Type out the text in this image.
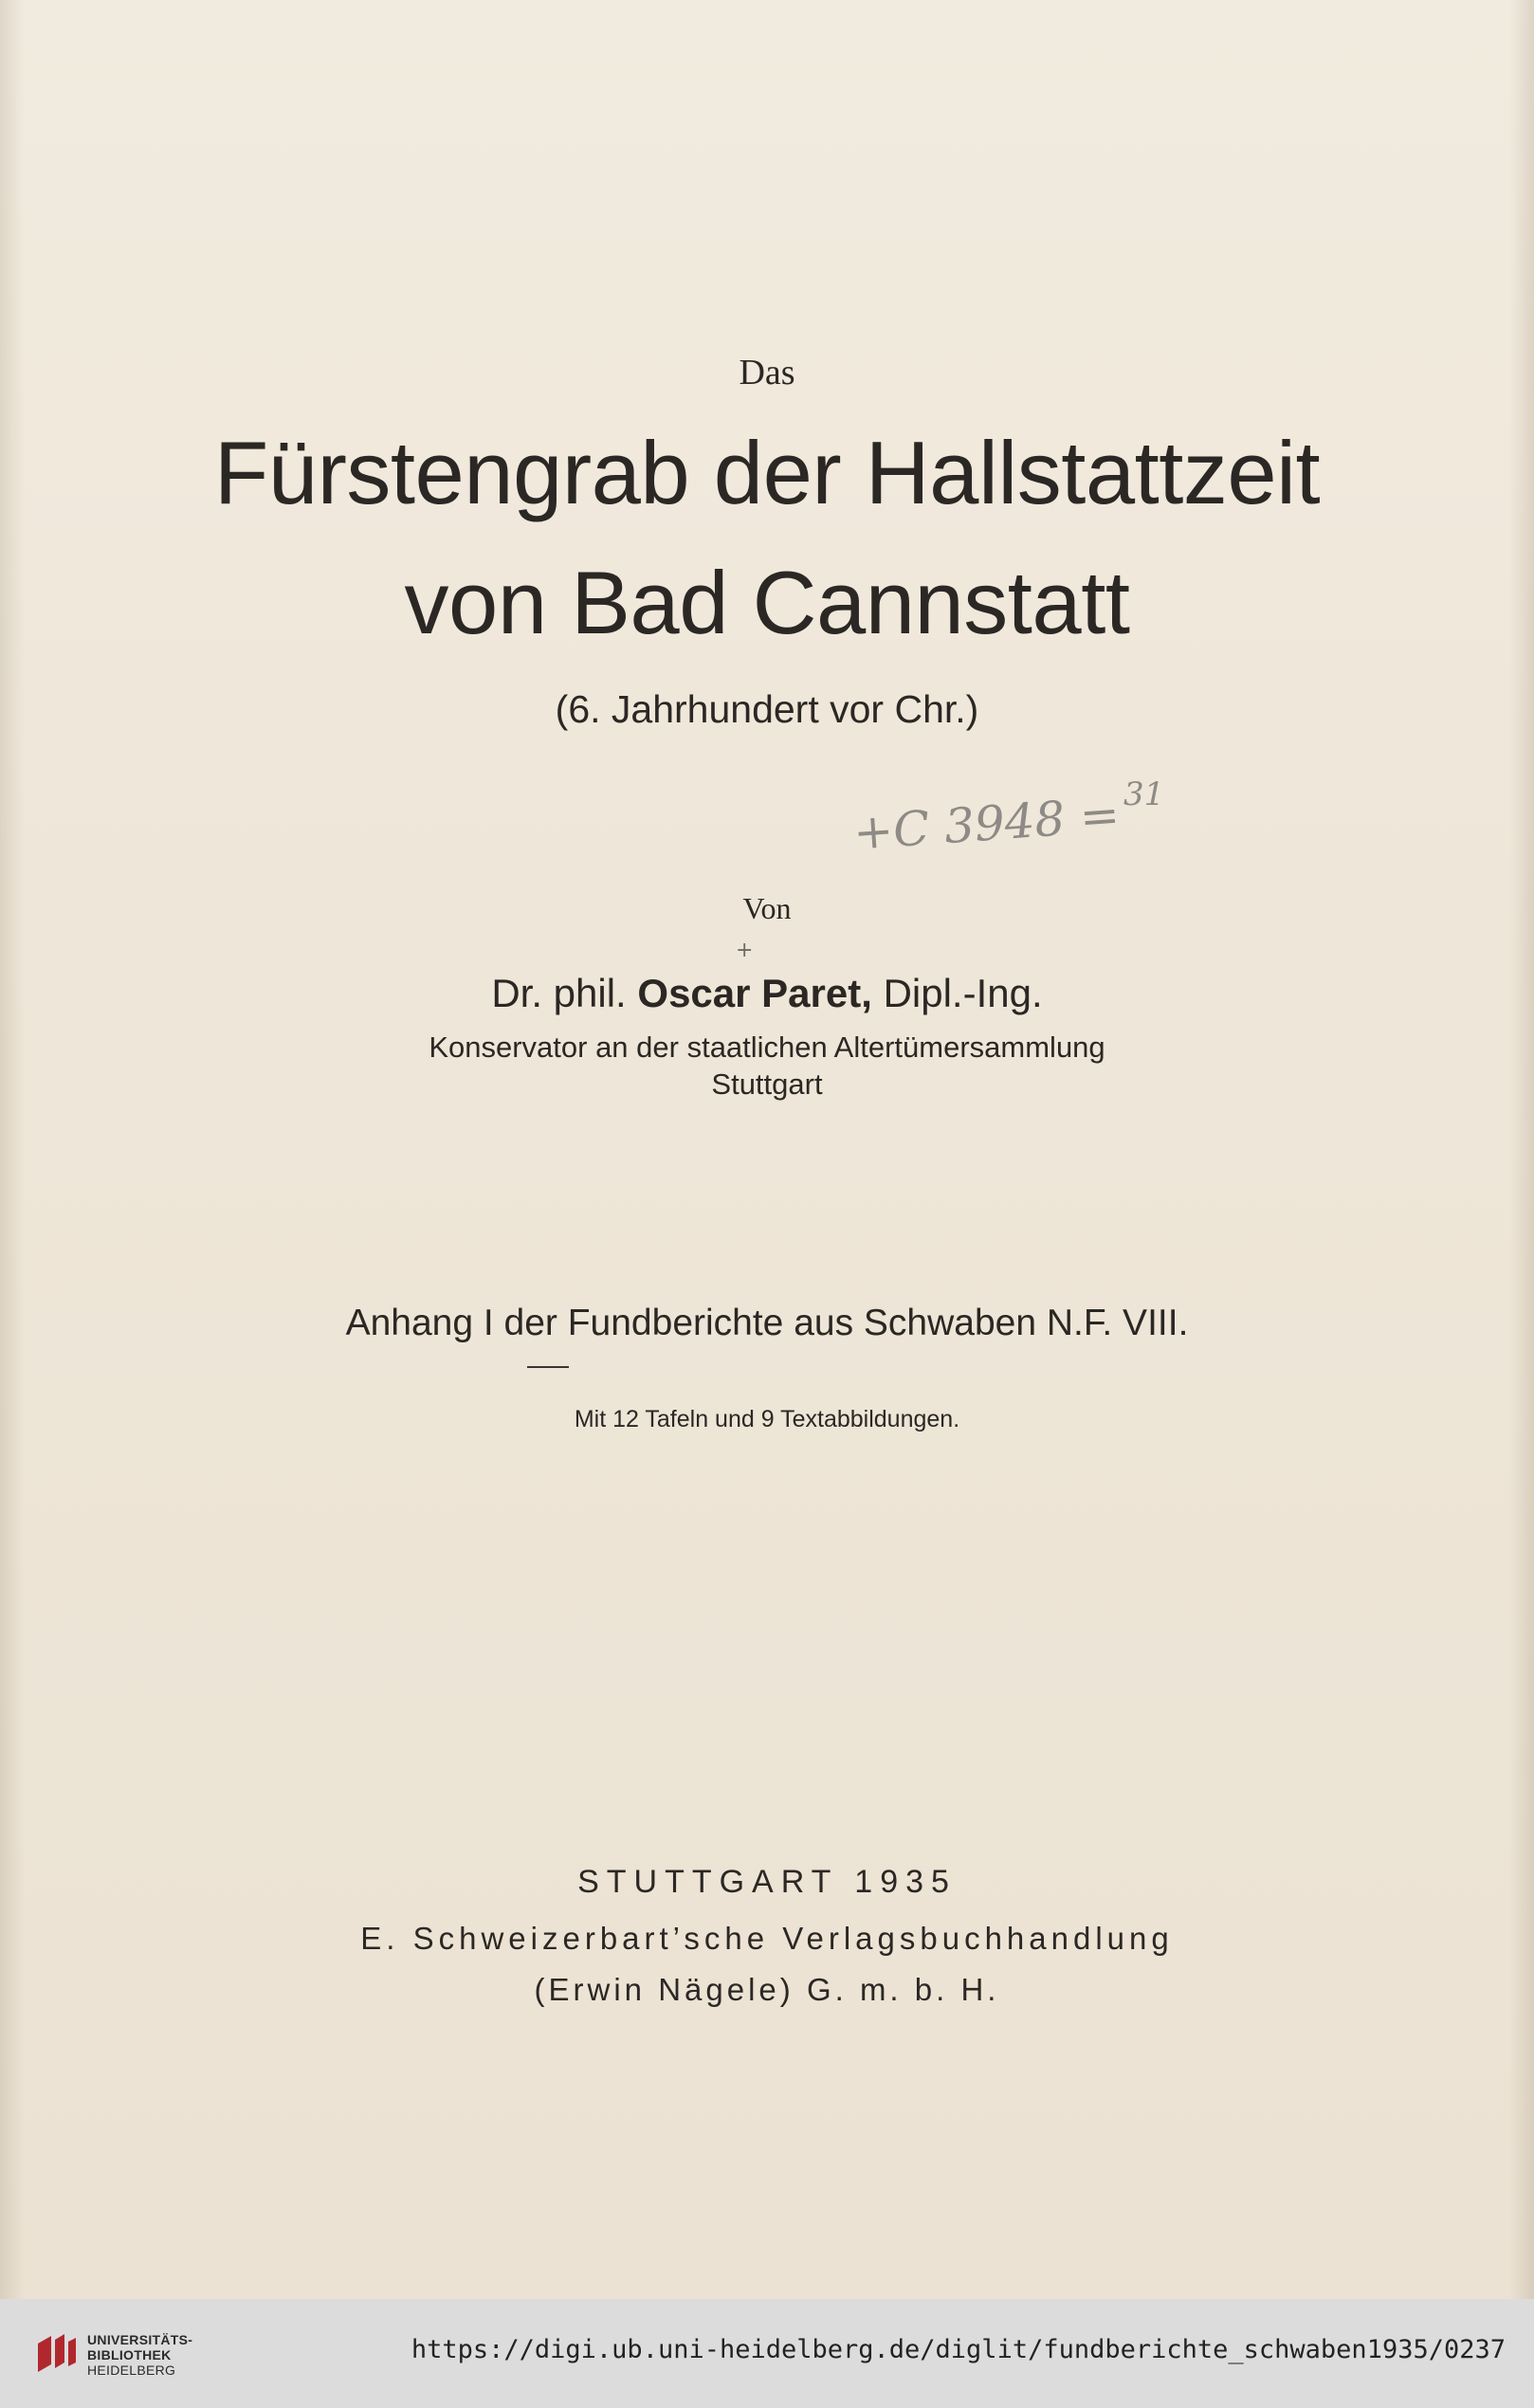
Das
Fürstengrab der Hallstattzeit
von Bad Cannstatt
(6. Jahrhundert vor Chr.)
+C 3948 = 31
Von
+
Dr. phil. Oscar Paret, Dipl.-Ing.
Konservator an der staatlichen Altertümersammlung
Stuttgart
Anhang I der Fundberichte aus Schwaben N.F. VIII.
Mit 12 Tafeln und 9 Textabbildungen.
STUTTGART 1935
E. Schweizerbart’sche Verlagsbuchhandlung
(Erwin Nägele) G. m. b. H.
UNIVERSITÄTS-
BIBLIOTHEK
HEIDELBERG
https://digi.ub.uni-heidelberg.de/diglit/fundberichte_schwaben1935/0237
